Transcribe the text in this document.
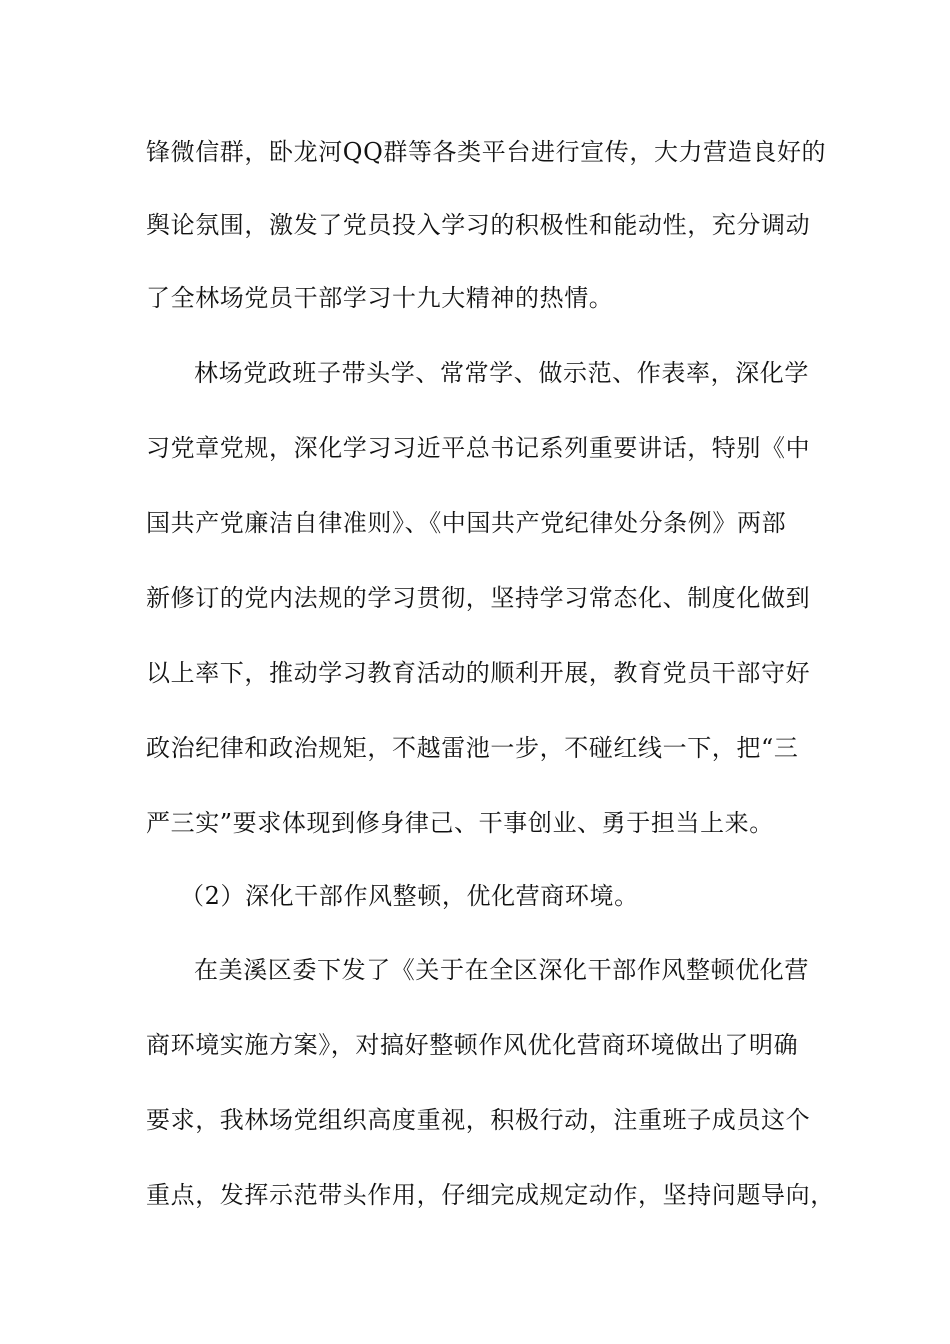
锋微信群，卧龙河QQ群等各类平台进行宣传，大力营造良好的
舆论氛围，激发了党员投入学习的积极性和能动性，充分调动
了全林场党员干部学习十九大精神的热情。
林场党政班子带头学、常常学、做示范、作表率，深化学
习党章党规，深化学习习近平总书记系列重要讲话，特别《中
国共产党廉洁自律准则》、《中国共产党纪律处分条例》两部
新修订的党内法规的学习贯彻，坚持学习常态化、制度化做到
以上率下，推动学习教育活动的顺利开展，教育党员干部守好
政治纪律和政治规矩，不越雷池一步，不碰红线一下，把“三
严三实”要求体现到修身律己、干事创业、勇于担当上来。
（2）深化干部作风整顿，优化营商环境。
在美溪区委下发了《关于在全区深化干部作风整顿优化营
商环境实施方案》，对搞好整顿作风优化营商环境做出了明确
要求，我林场党组织高度重视，积极行动，注重班子成员这个
重点，发挥示范带头作用，仔细完成规定动作，坚持问题导向，
